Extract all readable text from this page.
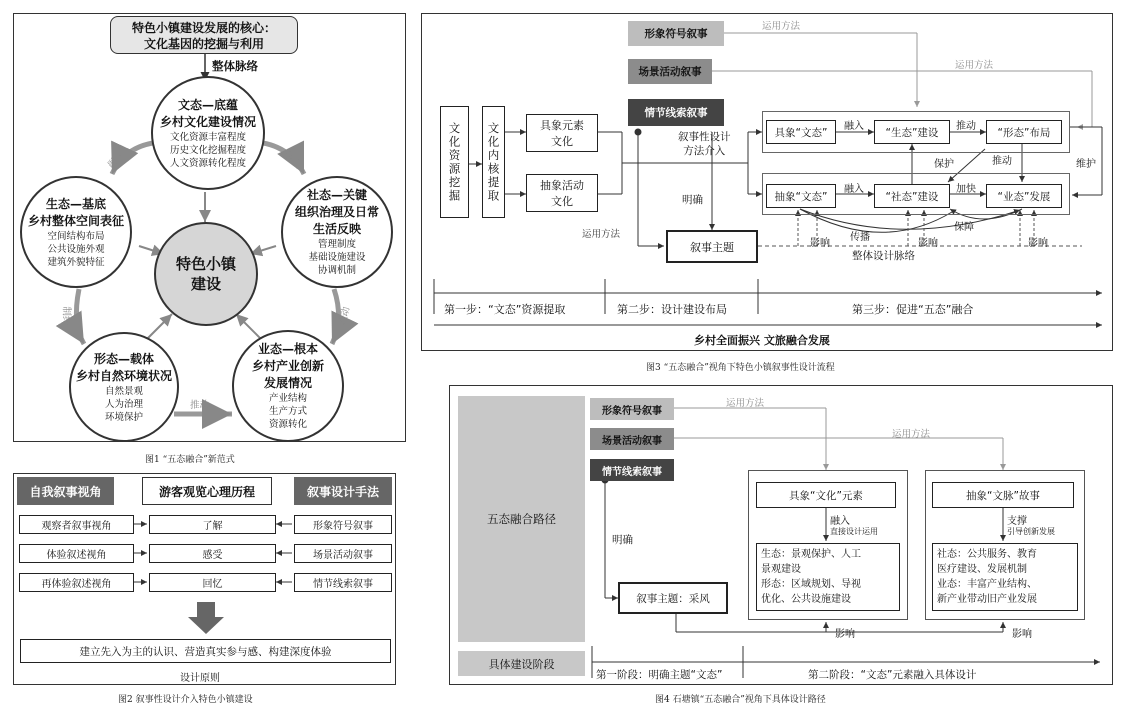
特色小镇建设发展的核心：
文化基因的挖掘与利用
整体脉络
文态—底蕴
乡村文化建设情况
文化资源丰富程度
历史文化挖掘程度
人文资源转化程度
生态—基底
乡村整体空间表征
空间结构布局
公共设施外观
建筑外貌特征
社态—关键
组织治理及日常
生活反映
管理制度
基础设施建设
协调机制
特色小镇
建设
形态—载体
乡村自然环境状况
自然景观
人为治理
环境保护
业态—根本
乡村产业创新
发展情况
产业结构
生产方式
资源转化
融入	融入
制约	推动
推动
图1 “五态融合”新范式
自我叙事视角	游客观览心理历程	叙事设计手法
观察者叙事视角
体验叙述视角
再体验叙述视角
了解
感受
回忆
形象符号叙事
场景活动叙事
情节线索叙事
建立先入为主的认识、营造真实参与感、构建深度体验
设计原则
图2 叙事性设计介入特色小镇建设
形象符号叙事
场景活动叙事
情节线索叙事
运用方法
运用方法
运用方法
文化资源挖掘	文化内核提取	具象元素
文化
抽象活动
文化
叙事性设计
方法介入
明确
叙事主题
具象“文态”	“生态”建设	“形态”布局
抽象“文态”	“社态”建设	“业态”发展
融入	推动
保护	推动	维护
融入	加快
保障
传播
影响	影响	影响
整体设计脉络
第一步：“文态”资源提取	第二步：设计建设布局	第三步：促进“五态”融合
乡村全面振兴 文旅融合发展
图3 “五态融合”视角下特色小镇叙事性设计流程
五态融合路径
具体建设阶段
形象符号叙事
场景活动叙事
情节线索叙事
运用方法
运用方法
明确
叙事主题：采风
具象“文化”元素	抽象“文脉”故事
融入
直接设计运用
支撑
引导创新发展
生态：景观保护、人工
景观建设
形态：区域规划、导视
优化、公共设施建设
社态：公共服务、教育
医疗建设、发展机制
业态：丰富产业结构、
新产业带动旧产业发展
影响	影响
第一阶段：明确主题“文态”	第二阶段：“文态”元素融入具体设计
图4 石塘镇“五态融合”视角下具体设计路径
